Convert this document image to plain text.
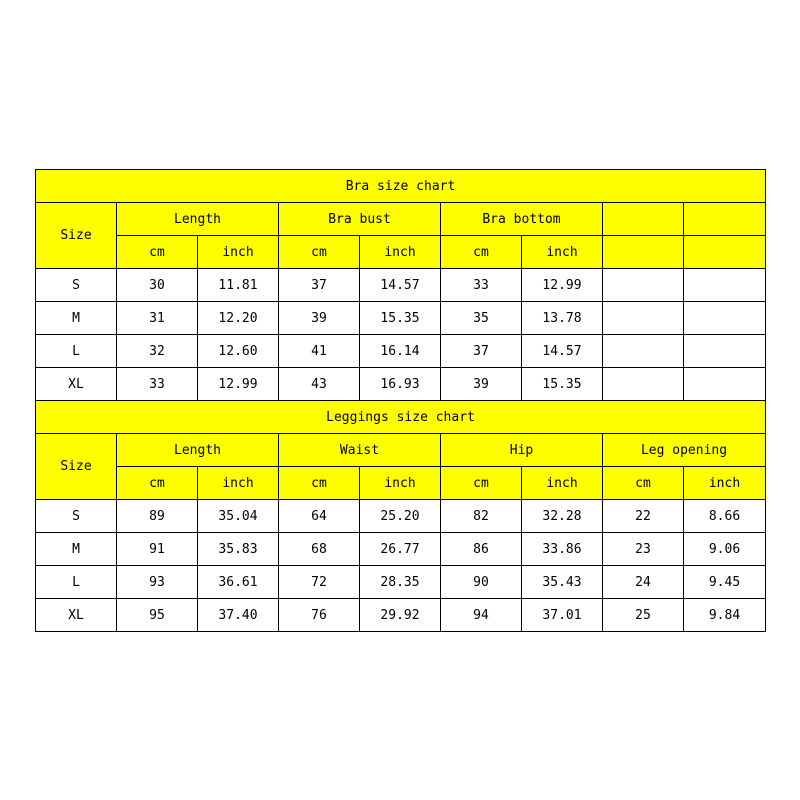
Bra size chart								
Size	Length		Bra bust		Bra bottom			
	cm	inch	cm	inch	cm	inch		
S	30	11.81	37	14.57	33	12.99		
M	31	12.20	39	15.35	35	13.78		
L	32	12.60	41	16.14	37	14.57		
XL	33	12.99	43	16.93	39	15.35		
Leggings size chart								
Size	Length		Waist		Hip		Leg opening	
	cm	inch	cm	inch	cm	inch	cm	inch
S	89	35.04	64	25.20	82	32.28	22	8.66
M	91	35.83	68	26.77	86	33.86	23	9.06
L	93	36.61	72	28.35	90	35.43	24	9.45
XL	95	37.40	76	29.92	94	37.01	25	9.84
